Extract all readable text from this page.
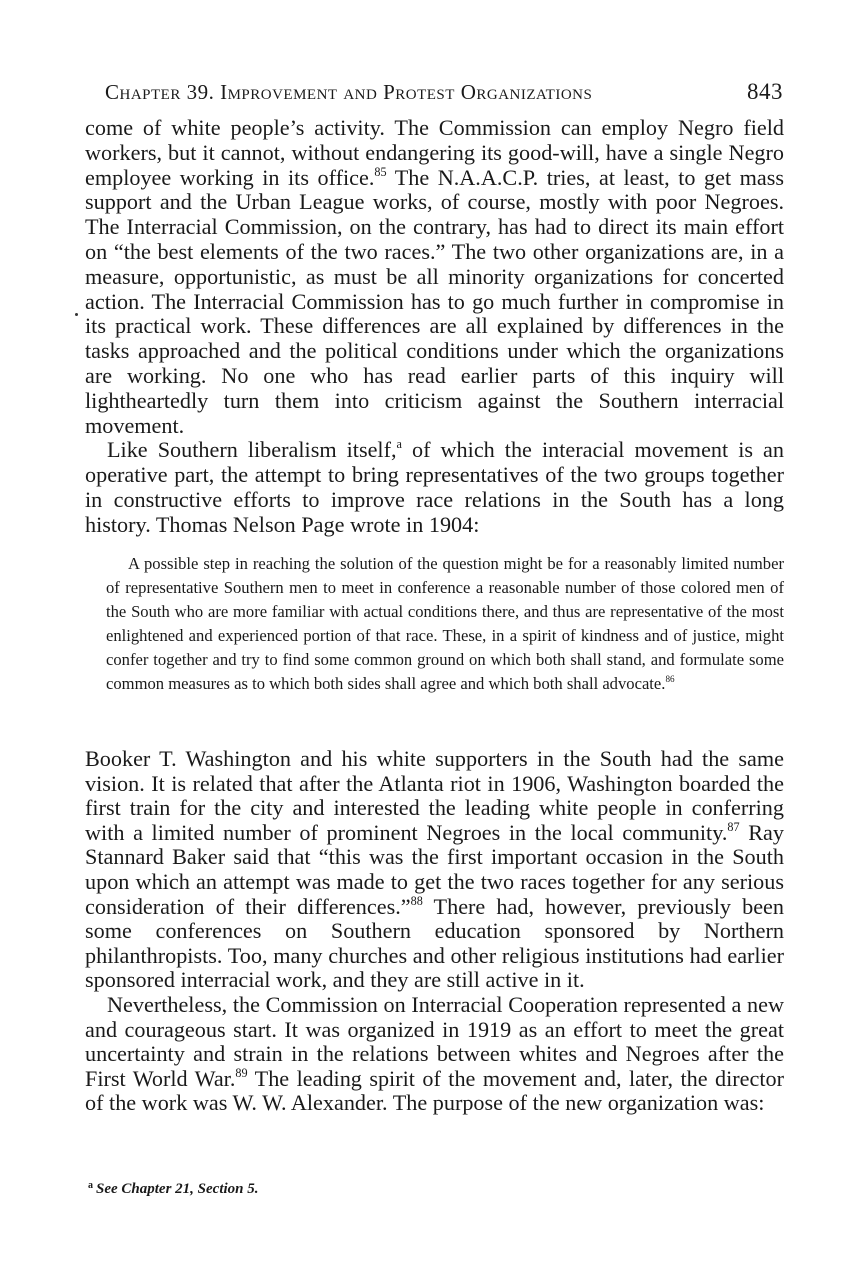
Chapter 39. Improvement and Protest Organizations	843

come of white people’s activity. The Commission can employ Negro field workers, but it cannot, without endangering its good-will, have a single Negro employee working in its office.$^{85}$ The N.A.A.C.P. tries, at least, to get mass support and the Urban League works, of course, mostly with poor Negroes. The Interracial Commission, on the contrary, has had to direct its main effort on “the best elements of the two races.” The two other organizations are, in a measure, opportunistic, as must be all minority organizations for concerted action. The Interracial Commission has to go much further in compromise in its practical work. These differences are all explained by differences in the tasks approached and the political conditions under which the organizations are working. No one who has read earlier parts of this inquiry will lightheartedly turn them into criticism against the Southern interracial movement.

Like Southern liberalism itself,$^a$ of which the interacial movement is an operative part, the attempt to bring representatives of the two groups together in constructive efforts to improve race relations in the South has a long history. Thomas Nelson Page wrote in 1904:

A possible step in reaching the solution of the question might be for a reasonably limited number of representative Southern men to meet in conference a reasonable number of those colored men of the South who are more familiar with actual conditions there, and thus are representative of the most enlightened and experienced portion of that race. These, in a spirit of kindness and of justice, might confer together and try to find some common ground on which both shall stand, and formulate some common measures as to which both sides shall agree and which both shall advocate.$^{86}$

Booker T. Washington and his white supporters in the South had the same vision. It is related that after the Atlanta riot in 1906, Washington boarded the first train for the city and interested the leading white people in conferring with a limited number of prominent Negroes in the local community.$^{87}$ Ray Stannard Baker said that “this was the first important occasion in the South upon which an attempt was made to get the two races together for any serious consideration of their differences.”$^{88}$ There had, however, previously been some conferences on Southern education sponsored by Northern philanthropists. Too, many churches and other religious institutions had earlier sponsored interracial work, and they are still active in it.

Nevertheless, the Commission on Interracial Cooperation represented a new and courageous start. It was organized in 1919 as an effort to meet the great uncertainty and strain in the relations between whites and Negroes after the First World War.$^{89}$ The leading spirit of the movement and, later, the director of the work was W. W. Alexander. The purpose of the new organization was:

$^a$ See Chapter 21, Section 5.
